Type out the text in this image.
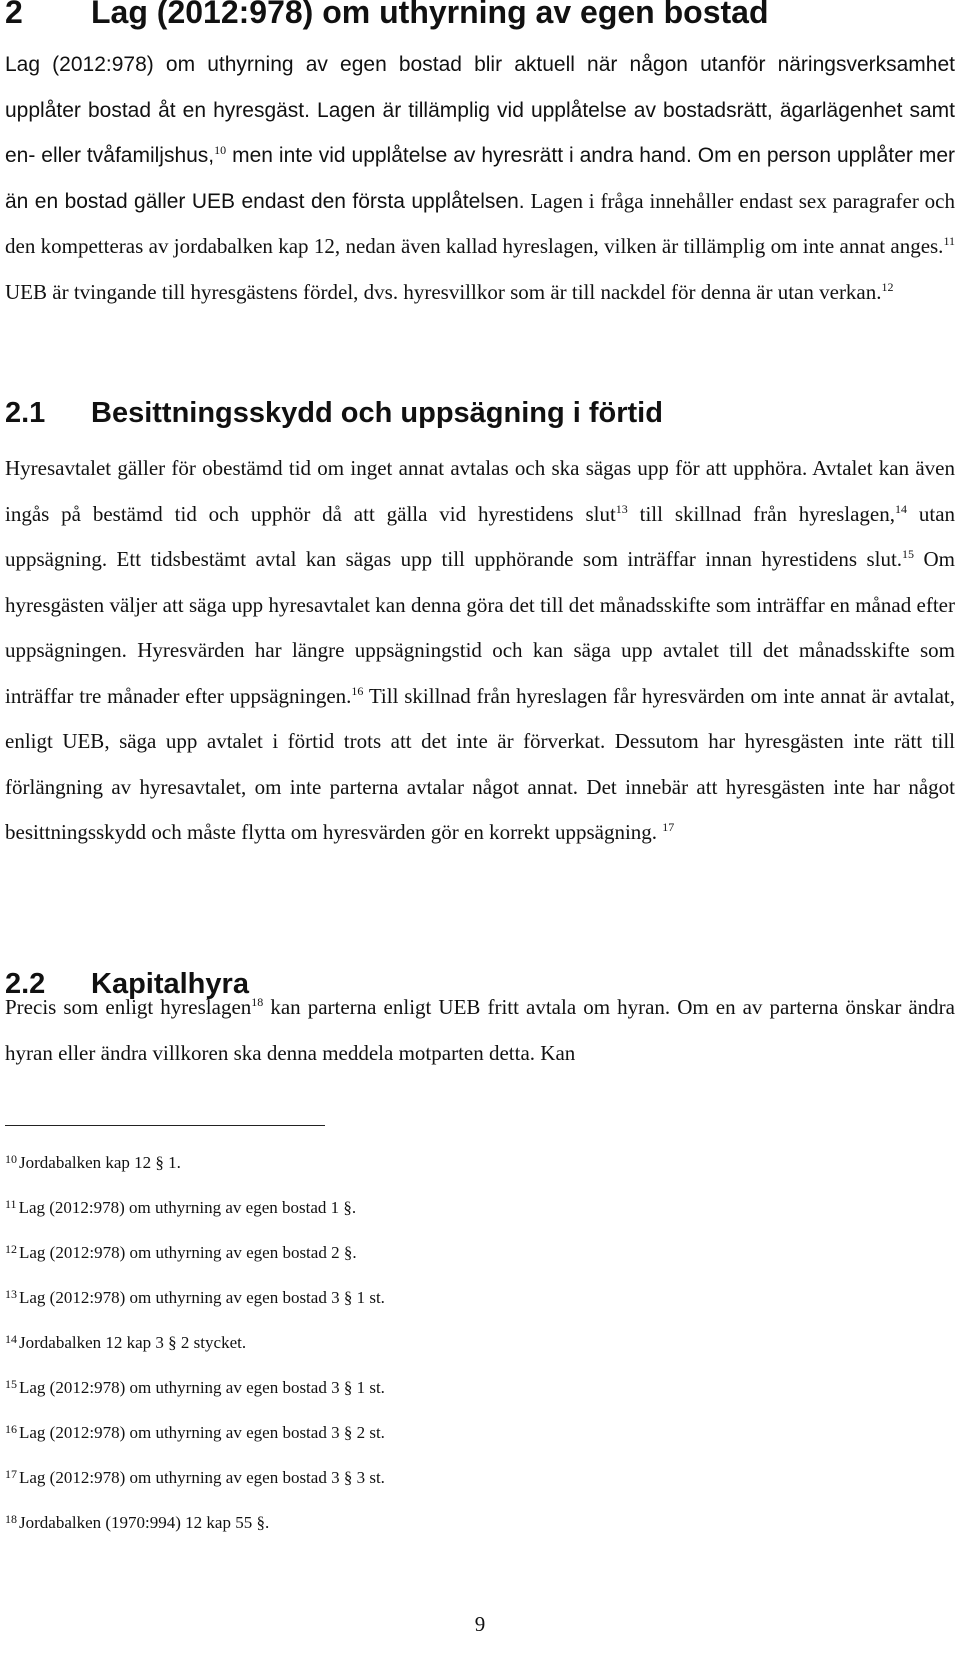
2 Lag (2012:978) om uthyrning av egen bostad

Lag (2012:978) om uthyrning av egen bostad blir aktuell när någon utanför näringsverksamhet upplåter bostad åt en hyresgäst. Lagen är tillämplig vid upplåtelse av bostadsrätt, ägarlägenhet samt en- eller tvåfamiljshus,$^{10}$ men inte vid upplåtelse av hyresrätt i andra hand. Om en person upplåter mer än en bostad gäller UEB endast den första upplåtelsen. Lagen i fråga innehåller endast sex paragrafer och den kompetteras av jordabalken kap 12, nedan även kallad hyreslagen, vilken är tillämplig om inte annat anges.$^{11}$ UEB är tvingande till hyresgästens fördel, dvs. hyresvillkor som är till nackdel för denna är utan verkan.$^{12}$

2.1 Besittningsskydd och uppsägning i förtid

Hyresavtalet gäller för obestämd tid om inget annat avtalas och ska sägas upp för att upphöra. Avtalet kan även ingås på bestämd tid och upphör då att gälla vid hyrestidens slut$^{13}$ till skillnad från hyreslagen,$^{14}$ utan uppsägning. Ett tidsbestämt avtal kan sägas upp till upphörande som inträffar innan hyrestidens slut.$^{15}$ Om hyresgästen väljer att säga upp hyresavtalet kan denna göra det till det månadsskifte som inträffar en månad efter uppsägningen. Hyresvärden har längre uppsägningstid och kan säga upp avtalet till det månadsskifte som inträffar tre månader efter uppsägningen.$^{16}$ Till skillnad från hyreslagen får hyresvärden om inte annat är avtalat, enligt UEB, säga upp avtalet i förtid trots att det inte är förverkat. Dessutom har hyresgästen inte rätt till förlängning av hyresavtalet, om inte parterna avtalar något annat. Det innebär att hyresgästen inte har något besittningsskydd och måste flytta om hyresvärden gör en korrekt uppsägning. $^{17}$

2.2 Kapitalhyra

Precis som enligt hyreslagen$^{18}$ kan parterna enligt UEB fritt avtala om hyran. Om en av parterna önskar ändra hyran eller ändra villkoren ska denna meddela motparten detta. Kan

$^{10}$ Jordabalken kap 12 § 1.
$^{11}$ Lag (2012:978) om uthyrning av egen bostad 1 §.
$^{12}$ Lag (2012:978) om uthyrning av egen bostad 2 §.
$^{13}$ Lag (2012:978) om uthyrning av egen bostad 3 § 1 st.
$^{14}$ Jordabalken 12 kap 3 § 2 stycket.
$^{15}$ Lag (2012:978) om uthyrning av egen bostad 3 § 1 st.
$^{16}$ Lag (2012:978) om uthyrning av egen bostad 3 § 2 st.
$^{17}$ Lag (2012:978) om uthyrning av egen bostad 3 § 3 st.
$^{18}$ Jordabalken (1970:994) 12 kap 55 §.
9
